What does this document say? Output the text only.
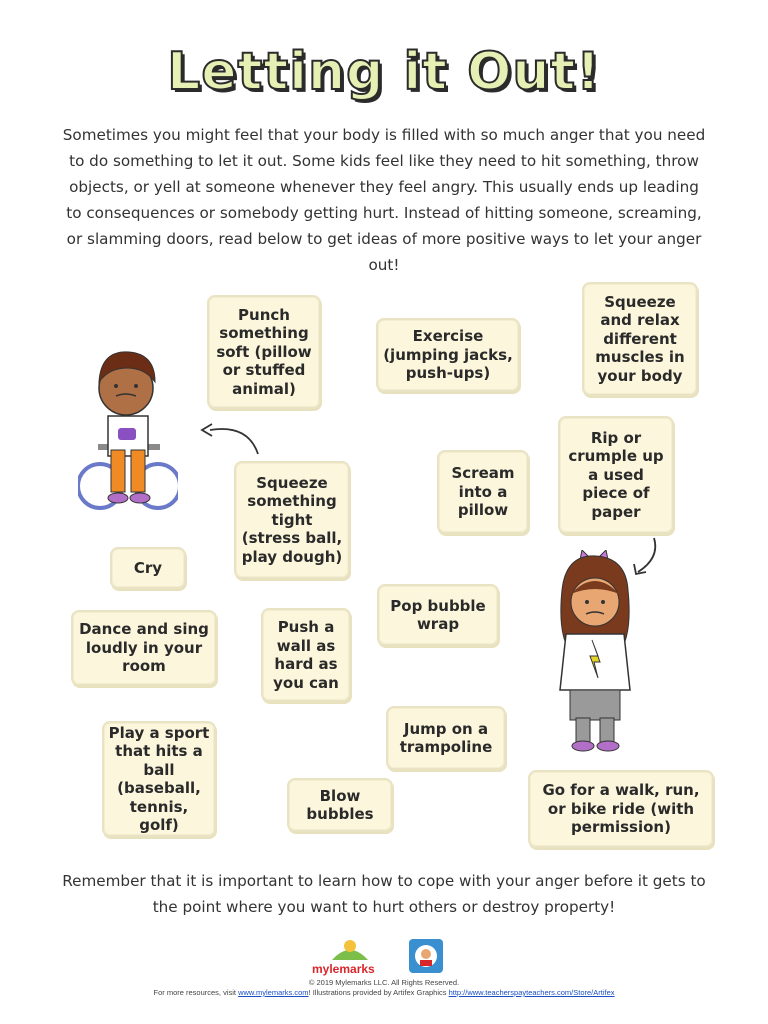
Letting it Out!
Sometimes you might feel that your body is filled with so much anger that you need to do something to let it out. Some kids feel like they need to hit something, throw objects, or yell at someone whenever they feel angry. This usually ends up leading to consequences or somebody getting hurt. Instead of hitting someone, screaming, or slamming doors, read below to get ideas of more positive ways to let your anger out!
Punch something soft (pillow or stuffed animal)
Exercise (jumping jacks, push-ups)
Squeeze and relax different muscles in your body
Rip or crumple up a used piece of paper
Scream into a pillow
Squeeze something tight (stress ball, play dough)
Cry
Pop bubble wrap
Dance and sing loudly in your room
Push a wall as hard as you can
Jump on a trampoline
Play a sport that hits a ball (baseball, tennis, golf)
Blow bubbles
Go for a walk, run, or bike ride (with permission)
Remember that it is important to learn how to cope with your anger before it gets to the point where you want to hurt others or destroy property!
mylemarks
© 2019 Mylemarks LLC. All Rights Reserved.
For more resources, visit www.mylemarks.com! Illustrations provided by Artifex Graphics http://www.teacherspayteachers.com/Store/Artifex
